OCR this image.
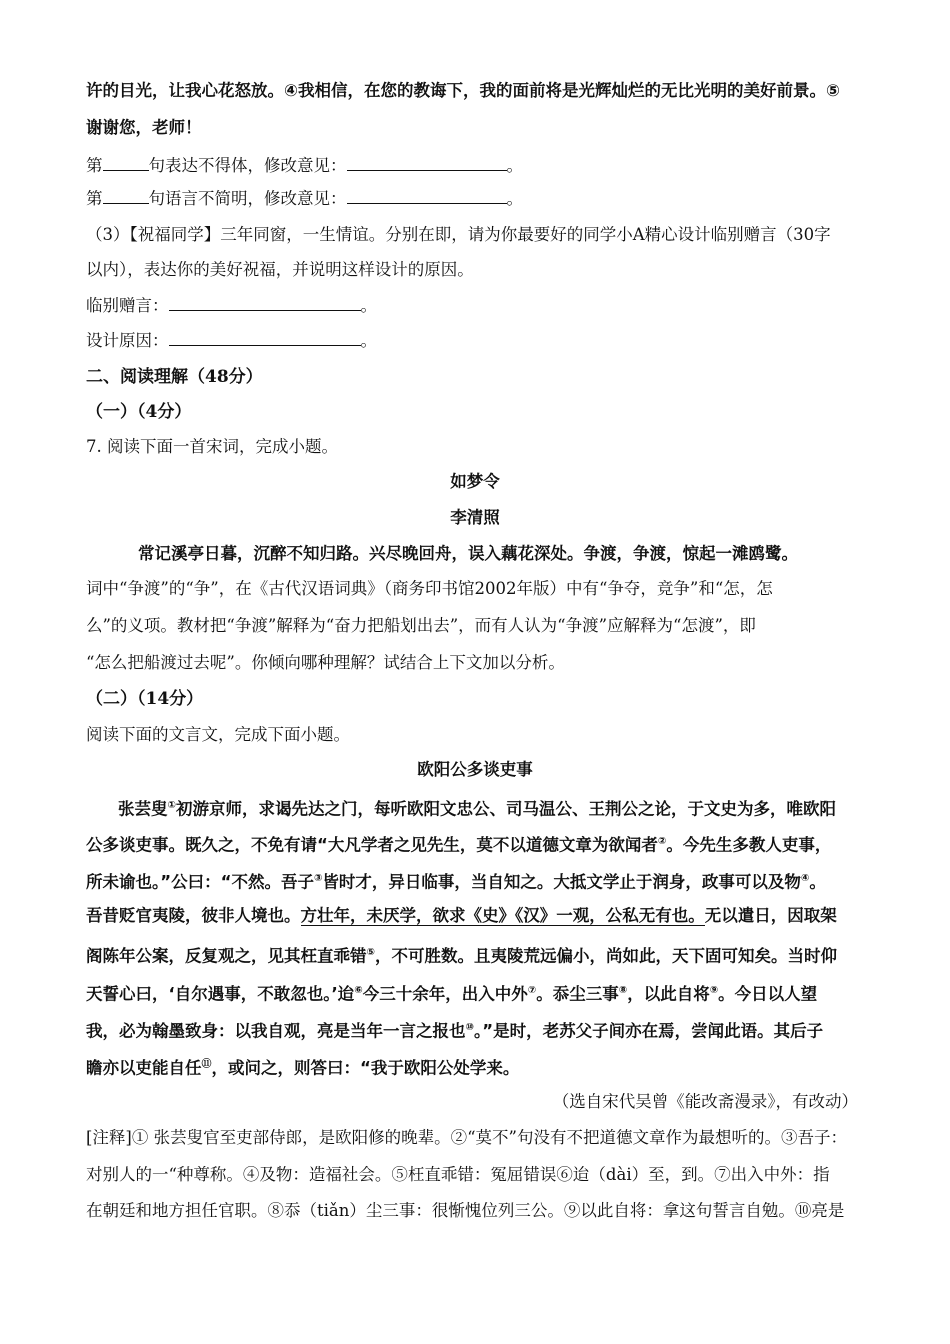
许的目光，让我心花怒放。④我相信，在您的教诲下，我的面前将是光辉灿烂的无比光明的美好前景。⑤
谢谢您，老师！
第	句表达不得体，修改意见：	。
第	句语言不简明，修改意见：	。
（3）【祝福同学】三年同窗，一生情谊。分别在即，请为你最要好的同学小A精心设计临别赠言（30字
以内），表达你的美好祝福，并说明这样设计的原因。
临别赠言：	。
设计原因：	。
二、阅读理解（48分）
（一）（4分）
7. 阅读下面一首宋词，完成小题。
如梦令
李清照
常记溪亭日暮，沉醉不知归路。兴尽晚回舟，误入藕花深处。争渡，争渡，惊起一滩鸥鹭。
词中“争渡”的“争”，在《古代汉语词典》（商务印书馆2002年版）中有“争夺，竞争”和“怎，怎
么”的义项。教材把“争渡”解释为“奋力把船划出去”，而有人认为“争渡”应解释为“怎渡”，即
“怎么把船渡过去呢”。你倾向哪种理解？试结合上下文加以分析。
（二）（14分）
阅读下面的文言文，完成下面小题。
欧阳公多谈吏事
张芸叟①初游京师，求谒先达之门，每听欧阳文忠公、司马温公、王荆公之论，于文史为多，唯欧阳
公多谈吏事。既久之，不免有请“大凡学者之见先生，莫不以道德文章为欲闻者②。今先生多教人吏事，
所未谕也。”公曰：“不然。吾子③皆时才，异日临事，当自知之。大抵文学止于润身，政事可以及物④。
吾昔贬官夷陵，彼非人境也。方壮年，未厌学，欲求《史》《汉》一观，公私无有也。无以遣日，因取架
阁陈年公案，反复观之，见其枉直乖错⑤，不可胜数。且夷陵荒远偏小，尚如此，天下固可知矣。当时仰
天誓心曰，‘自尔遇事，不敢忽也。’迨⑥今三十余年，出入中外⑦。忝尘三事⑧，以此自将⑨。今日以人望
我，必为翰墨致身：以我自观，亮是当年一言之报也⑩。”是时，老苏父子间亦在焉，尝闻此语。其后子
瞻亦以吏能自任⑪，或问之，则答曰：“我于欧阳公处学来。
（选自宋代吴曾《能改斋漫录》，有改动）
[注释]① 张芸叟官至吏部侍郎，是欧阳修的晚辈。②“莫不”句没有不把道德文章作为最想听的。③吾子：
对别人的一“种尊称。④及物：造福社会。⑤枉直乖错：冤屈错误⑥迨（dài）至，到。⑦出入中外：指
在朝廷和地方担任官职。⑧忝（tiǎn）尘三事：很惭愧位列三公。⑨以此自将：拿这句誓言自勉。⑩亮是
